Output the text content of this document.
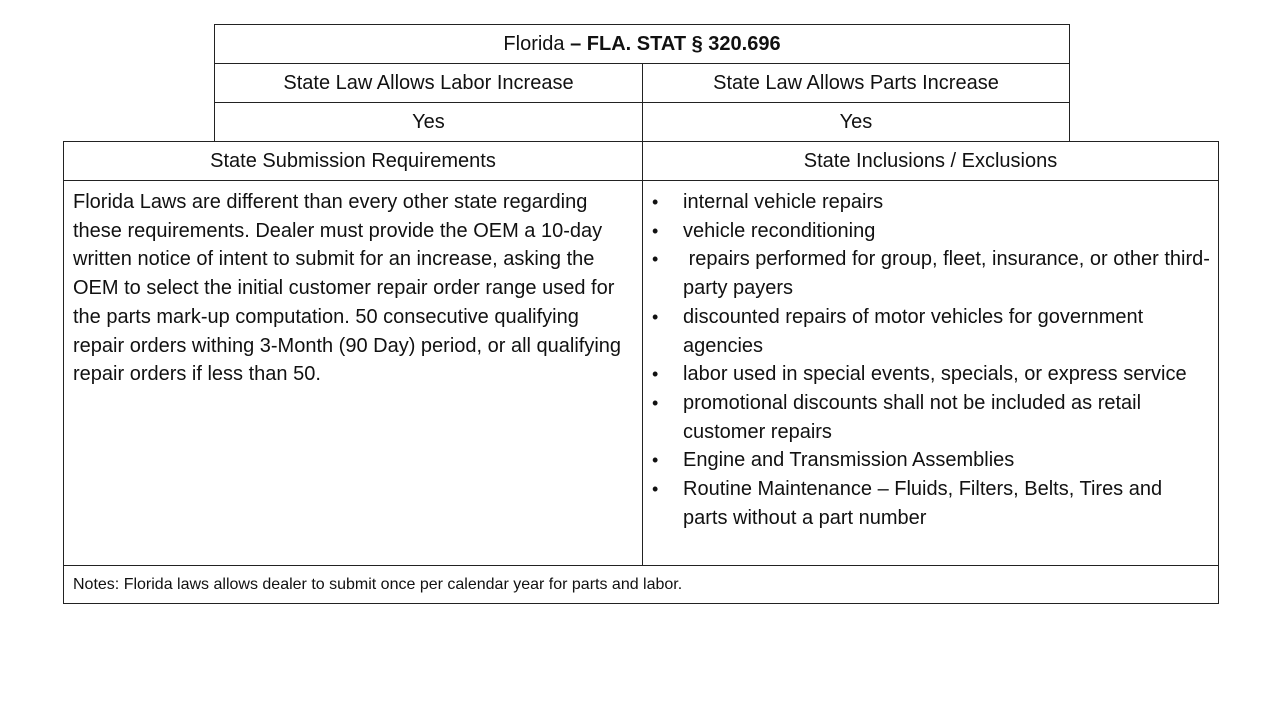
Florida – FLA. STAT § 320.696
State Law Allows Labor Increase	State Law Allows Parts Increase
Yes	Yes
State Submission Requirements	State Inclusions / Exclusions

Florida Laws are different than every other state regarding these requirements. Dealer must provide the OEM a 10-day written notice of intent to submit for an increase, asking the OEM to select the initial customer repair order range used for the parts mark-up computation. 50 consecutive qualifying repair orders withing 3-Month (90 Day) period, or all qualifying repair orders if less than 50.

• internal vehicle repairs
• vehicle reconditioning
• repairs performed for group, fleet, insurance, or other third-party payers
• discounted repairs of motor vehicles for government agencies
• labor used in special events, specials, or express service
• promotional discounts shall not be included as retail customer repairs
• Engine and Transmission Assemblies
• Routine Maintenance – Fluids, Filters, Belts, Tires and parts without a part number
Notes: Florida laws allows dealer to submit once per calendar year for parts and labor.
